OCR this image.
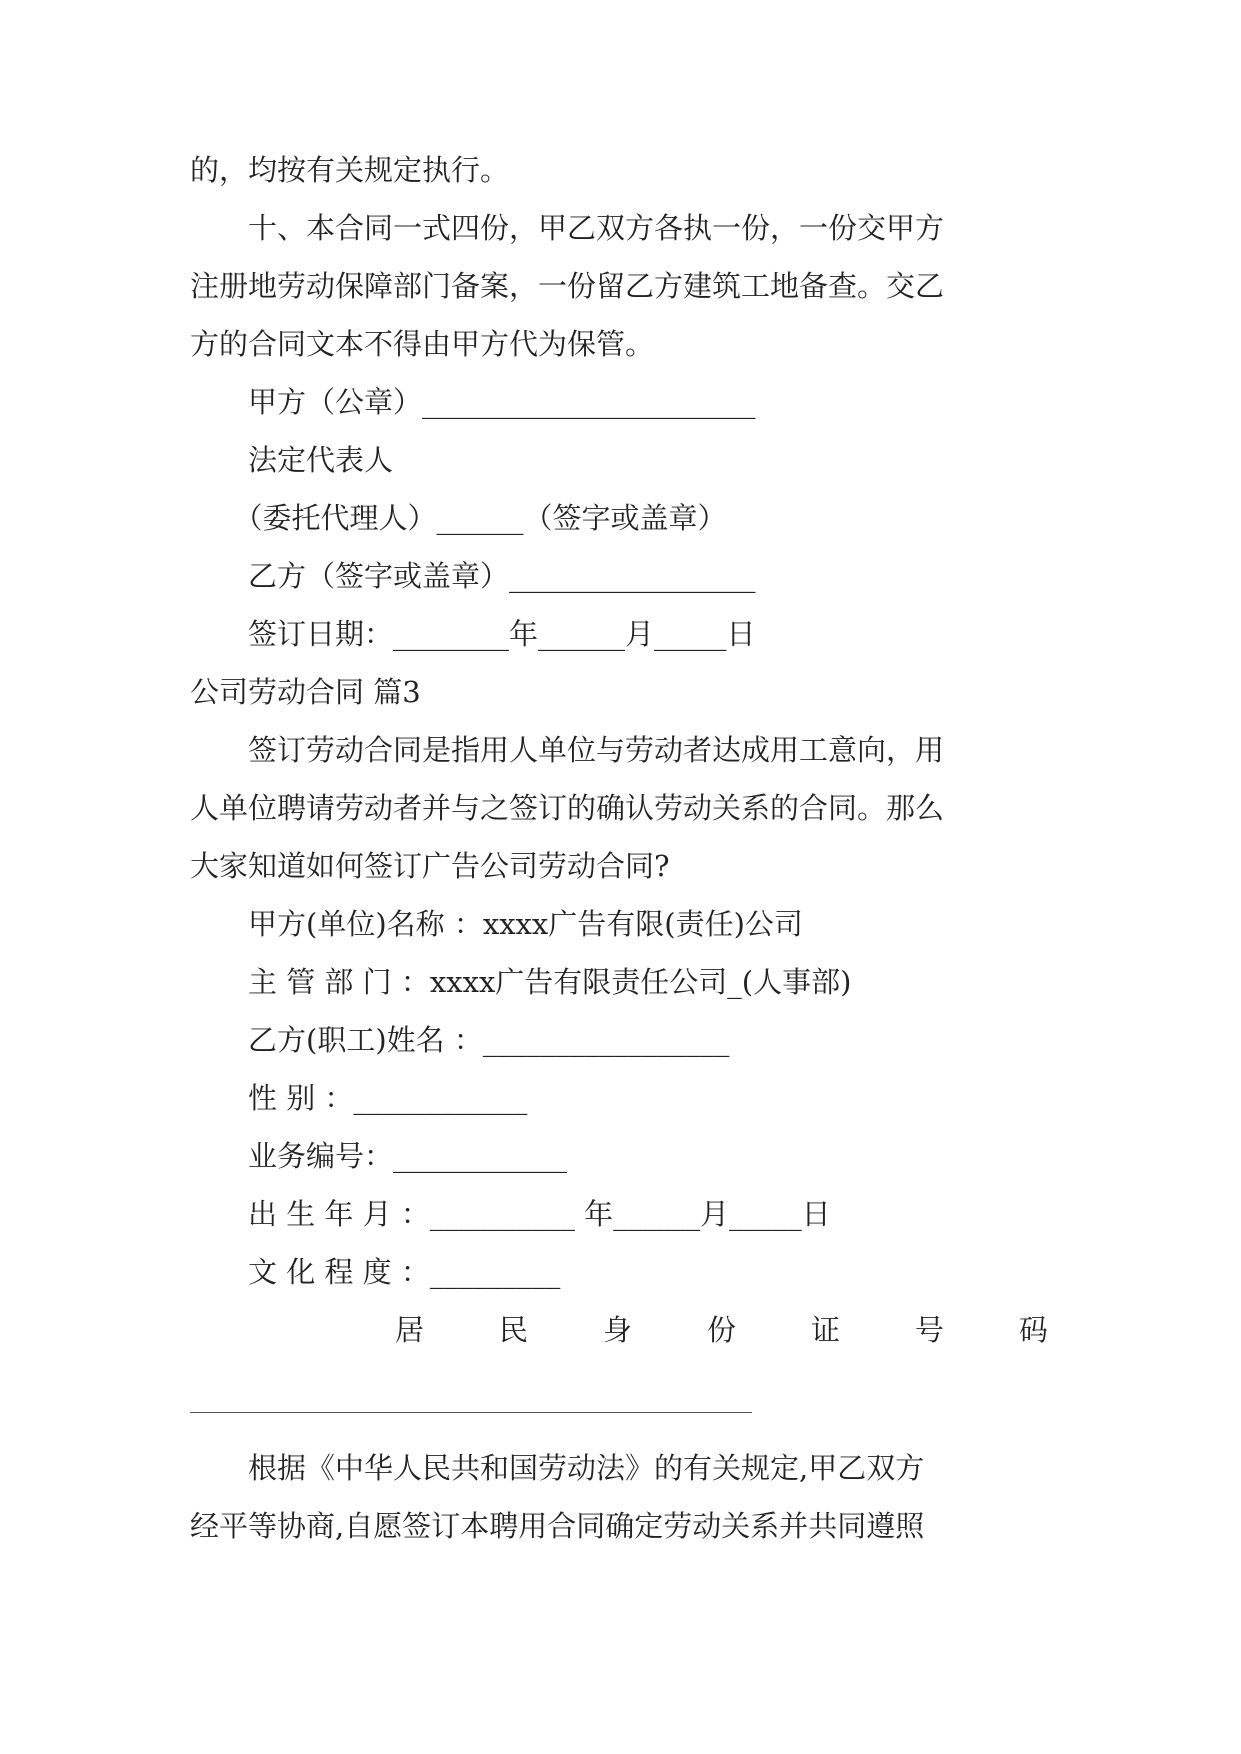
的，均按有关规定执行。

　　十、本合同一式四份，甲乙双方各执一份，一份交甲方

注册地劳动保障部门备案，一份留乙方建筑工地备查。交乙

方的合同文本不得由甲方代为保管。

　　甲方（公章）_______________________

　　法定代表人

　　（委托代理人）______（签字或盖章）

　　乙方（签字或盖章）_________________

　　签订日期：________年______月_____日

公司劳动合同 篇3

　　签订劳动合同是指用人单位与劳动者达成用工意向，用

人单位聘请劳动者并与之签订的确认劳动关系的合同。那么

大家知道如何签订广告公司劳动合同?

　　甲方(单位)名称 ：xxxx广告有限(责任)公司

　　主 管 部 门 ：xxxx广告有限责任公司_(人事部)

　　乙方(职工)姓名 ：_________________

　　性 别 ：____________

　　业务编号：____________

　　出 生 年 月 ：__________ 年______月_____日

　　文 化 程 度 ：_________

居	民	身	份	证	号	码

　　根据《中华人民共和国劳动法》的有关规定,甲乙双方

经平等协商,自愿签订本聘用合同确定劳动关系并共同遵照
